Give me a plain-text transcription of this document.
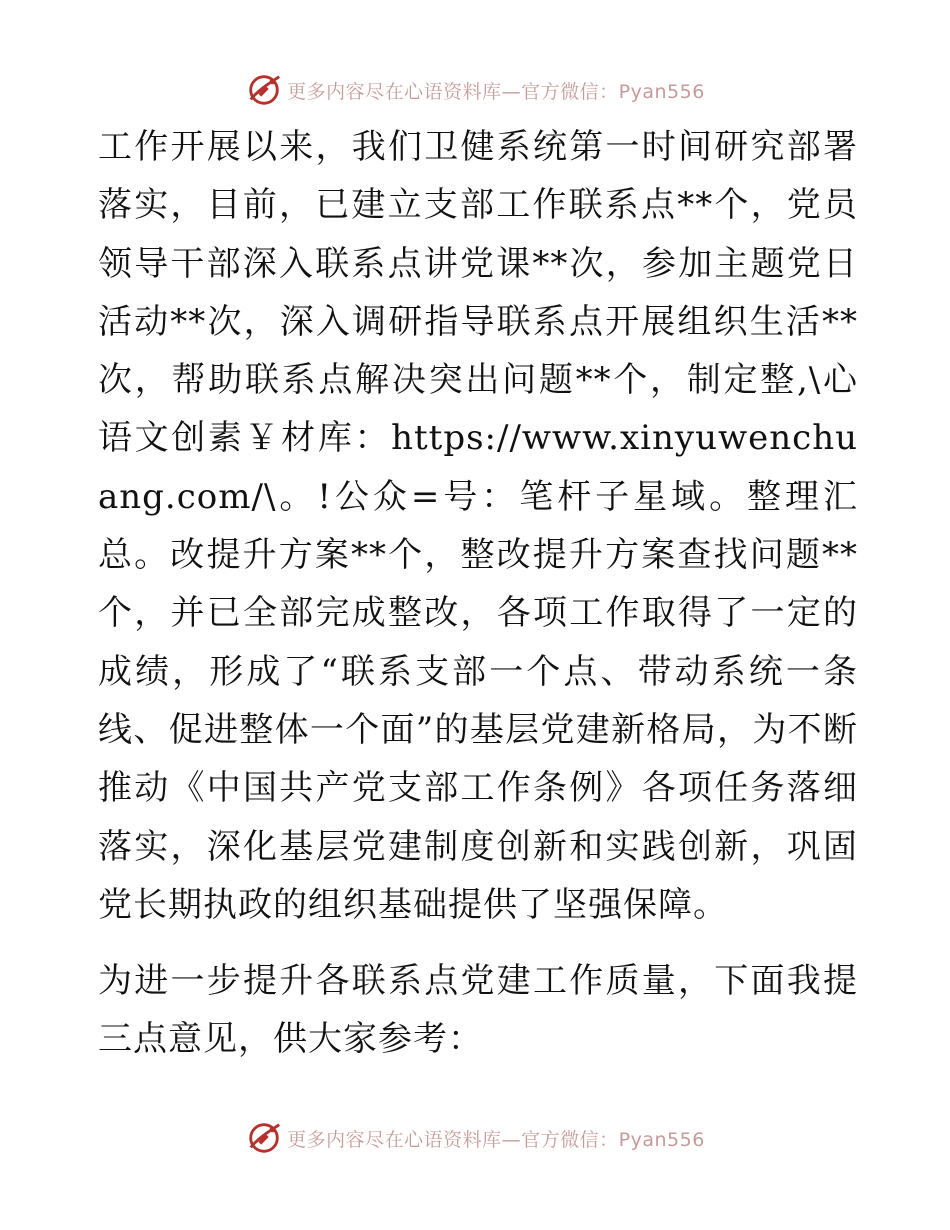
更多内容尽在心语资料库—官方微信：Pyan556

工作开展以来，我们卫健系统第一时间研究部署落实，目前，已建立支部工作联系点**个，党员领导干部深入联系点讲党课**次，参加主题党日活动**次，深入调研指导联系点开展组织生活**次，帮助联系点解决突出问题**个，制定整,\心语文创素￥材库：https://www.xinyuwenchuang.com/\。!公众=号：笔杆子星域。整理汇总。改提升方案**个，整改提升方案查找问题**个，并已全部完成整改，各项工作取得了一定的成绩，形成了“联系支部一个点、带动系统一条线、促进整体一个面”的基层党建新格局，为不断推动《中国共产党支部工作条例》各项任务落细落实，深化基层党建制度创新和实践创新，巩固党长期执政的组织基础提供了坚强保障。

为进一步提升各联系点党建工作质量，下面我提三点意见，供大家参考：

更多内容尽在心语资料库—官方微信：Pyan556
